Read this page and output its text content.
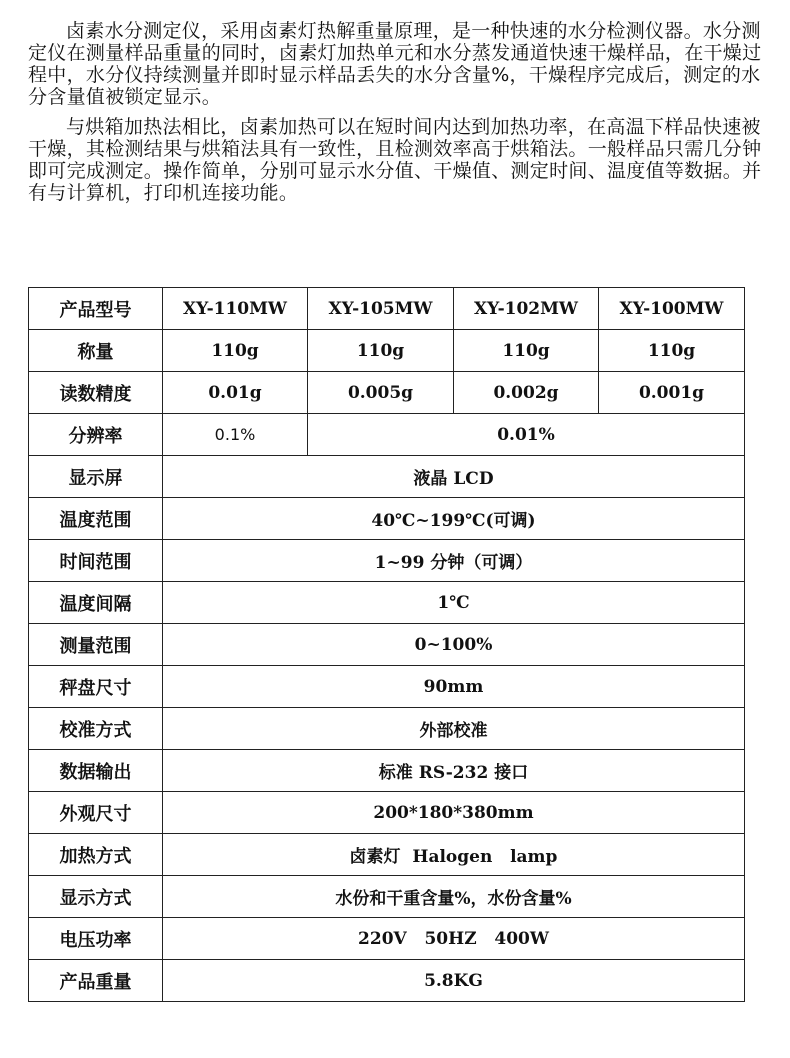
卤素水分测定仪，采用卤素灯热解重量原理，是一种快速的水分检测仪器。水分测定仪在测量样品重量的同时，卤素灯加热单元和水分蒸发通道快速干燥样品，在干燥过程中，水分仪持续测量并即时显示样品丢失的水分含量%，干燥程序完成后，测定的水分含量值被锁定显示。

与烘箱加热法相比，卤素加热可以在短时间内达到加热功率，在高温下样品快速被干燥，其检测结果与烘箱法具有一致性，且检测效率高于烘箱法。一般样品只需几分钟即可完成测定。操作简单，分别可显示水分值、干燥值、测定时间、温度值等数据。并有与计算机，打印机连接功能。

产品型号	XY-110MW	XY-105MW	XY-102MW	XY-100MW
称量	110g	110g	110g	110g
读数精度	0.01g	0.005g	0.002g	0.001g
分辨率	0.1%	0.01%		
显示屏	液晶 LCD			
温度范围	40℃~199℃(可调)			
时间范围	1~99 分钟（可调）			
温度间隔	1℃			
测量范围	0~100%			
秤盘尺寸	90mm			
校准方式	外部校准			
数据输出	标准 RS-232 接口			
外观尺寸	200*180*380mm			
加热方式	卤素灯  Halogen   lamp			
显示方式	水份和干重含量%，水份含量%			
电压功率	220V   50HZ   400W			
产品重量	5.8KG			
